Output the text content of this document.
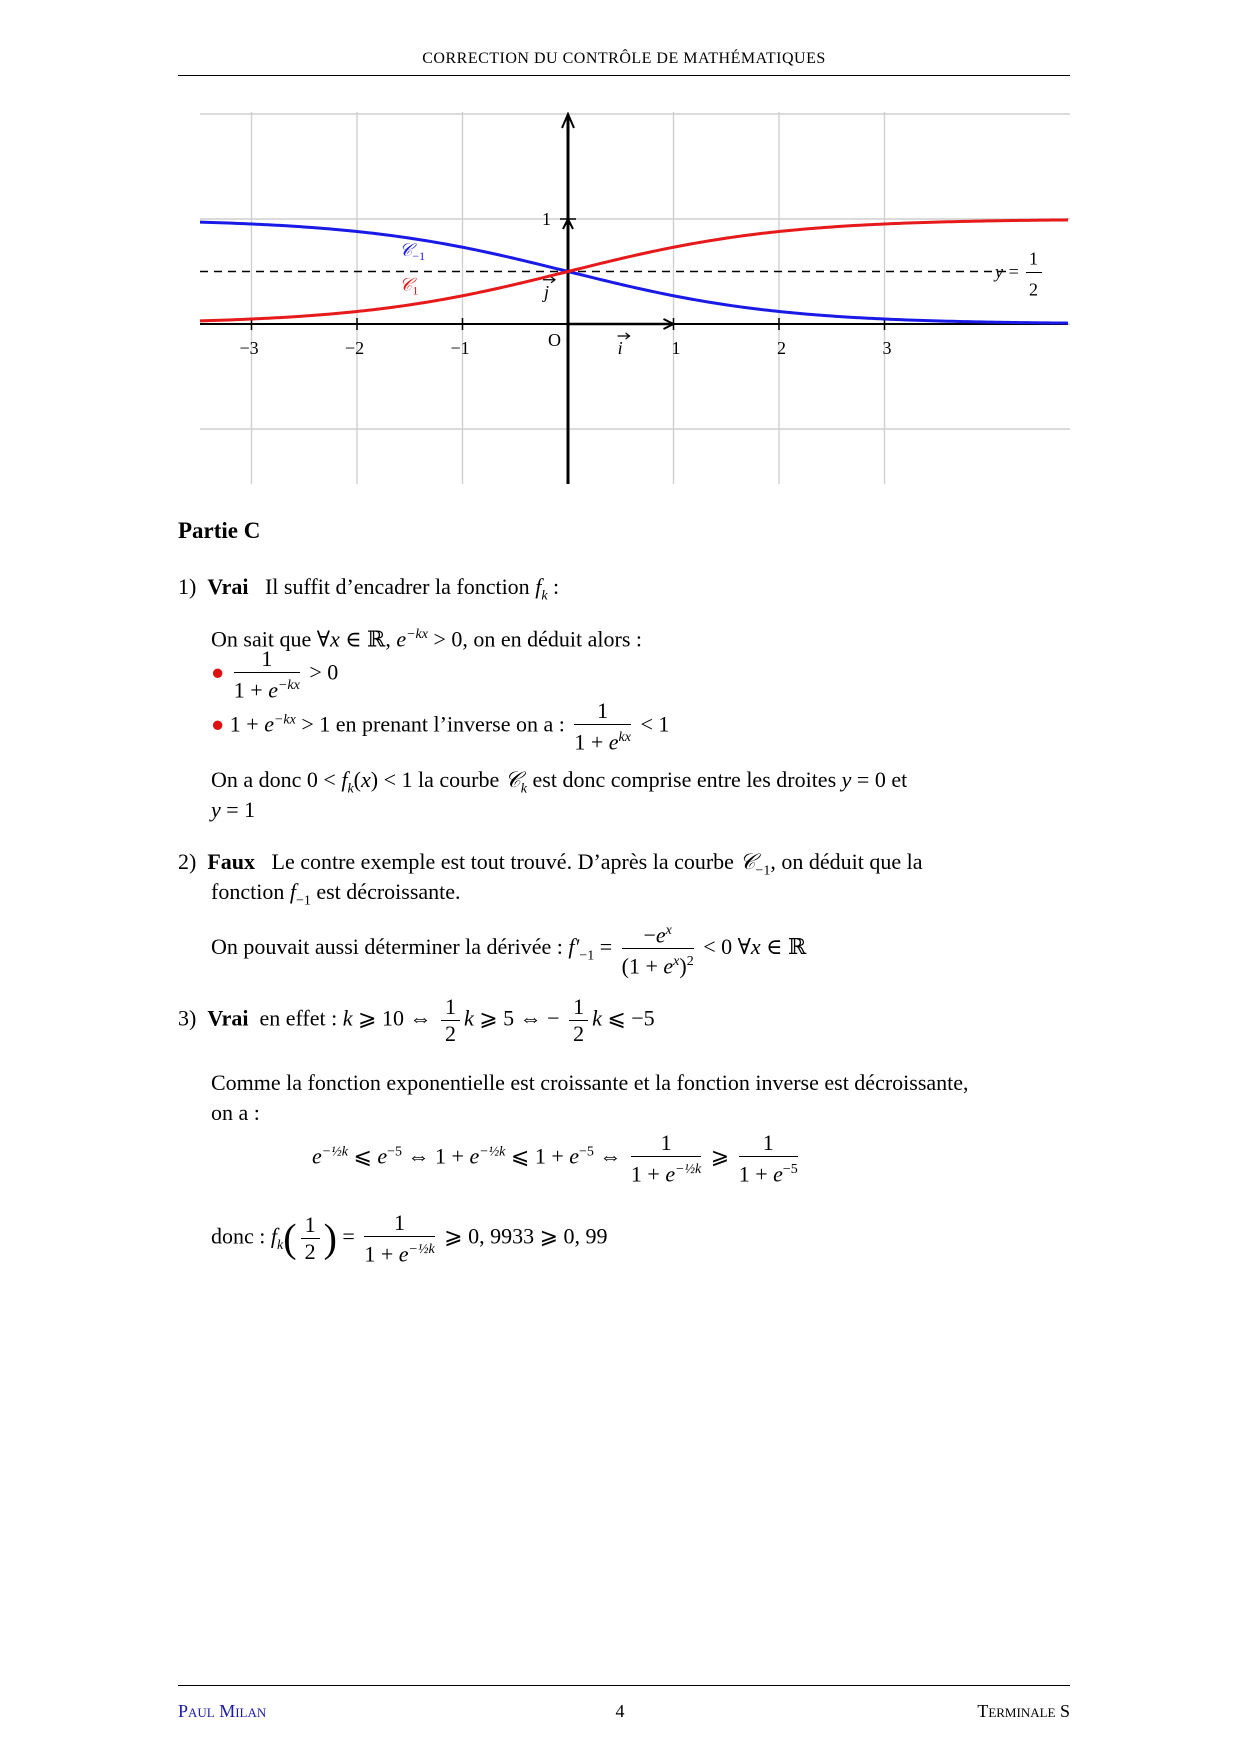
CORRECTION DU CONTRÔLE DE MATHÉMATIQUES
−3	−2	−1	1	2	3
O
1
𝒞$_{-1}$
𝒞$_1$
i
j
y =
1
2
Partie C
1) Vrai Il suffit d’encadrer la fonction $f_k$ :
On sait que ∀x ∈ ℝ, $e^{-kx} > 0$, on en déduit alors :
● $\frac{1}{1 + e^{-kx}} > 0$
● $1 + e^{-kx} > 1$ en prenant l’inverse on a : $\frac{1}{1 + e^{kx}} < 1$
On a donc $0 < f_k(x) < 1$ la courbe 𝒞$_k$ est donc comprise entre les droites y = 0 et
y = 1
2) Faux Le contre exemple est tout trouvé. D’après la courbe 𝒞$_{-1}$, on déduit que la
fonction $f_{-1}$ est décroissante.
On pouvait aussi déterminer la dérivée : $f'_{-1} = \frac{-e^x}{(1 + e^x)^2} < 0$ ∀x ∈ ℝ
3) Vrai en effet : k ⩾ 10 ⇔ $\frac{1}{2}$ k ⩾ 5 ⇔ − $\frac{1}{2}$ k ⩽ −5
Comme la fonction exponentielle est croissante et la fonction inverse est décroissante,
on a :
$e^{-\frac{1}{2}k}$ ⩽ $e^{-5}$ ⇔ $1 + e^{-\frac{1}{2}k}$ ⩽ $1 + e^{-5}$ ⇔ $\frac{1}{1 + e^{-\frac{1}{2}k}}$ ⩾ $\frac{1}{1 + e^{-5}}$
donc : $f_k( \frac{1}{2}$ ) = $\frac{1}{1 + e^{-\frac{1}{2}k}}$ ⩾ 0, 9933 ⩾ 0, 99
Paul Milan	4	Terminale S
